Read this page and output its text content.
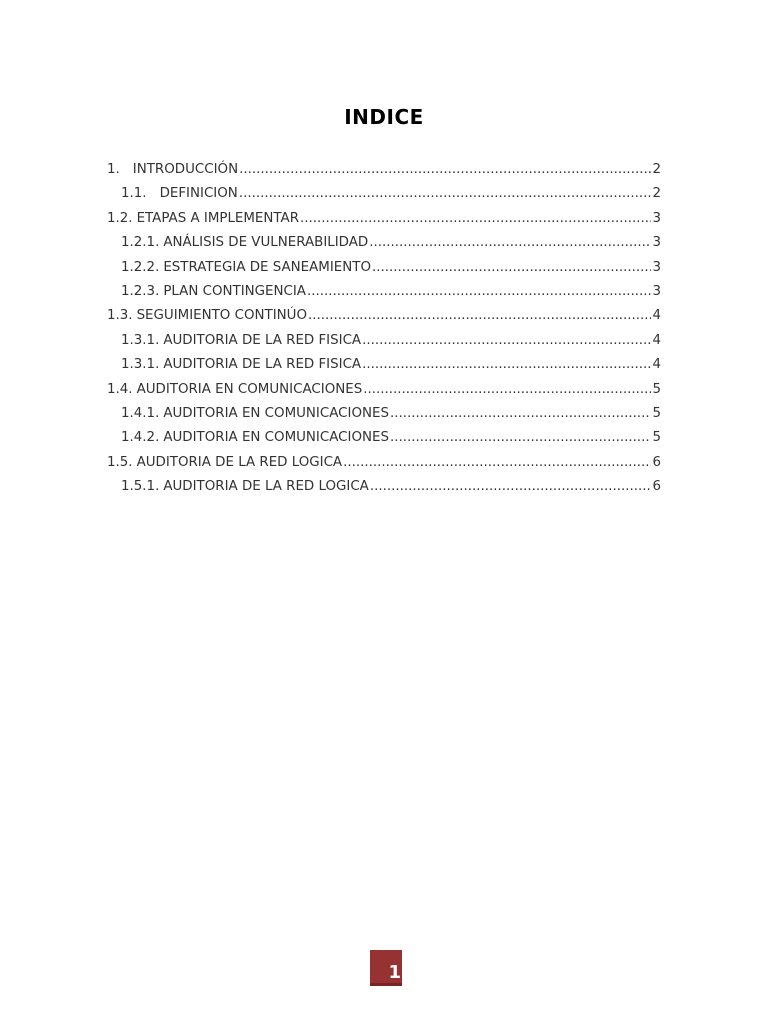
INDICE
1. INTRODUCCIÓN .....	2
1.1. DEFINICION .....	2
1.2. ETAPAS A IMPLEMENTAR .....	3
1.2.1. ANÁLISIS DE VULNERABILIDAD .....	3
1.2.2. ESTRATEGIA DE SANEAMIENTO .....	3
1.2.3. PLAN CONTINGENCIA .....	3
1.3. SEGUIMIENTO CONTINÚO .....	4
1.3.1. AUDITORIA DE LA RED FISICA .....	4
1.3.1. AUDITORIA DE LA RED FISICA .....	4
1.4. AUDITORIA EN COMUNICACIONES .....	5
1.4.1. AUDITORIA EN COMUNICACIONES .....	5
1.4.2. AUDITORIA EN COMUNICACIONES .....	5
1.5. AUDITORIA DE LA RED LOGICA .....	6
1.5.1. AUDITORIA DE LA RED LOGICA .....	6
1
